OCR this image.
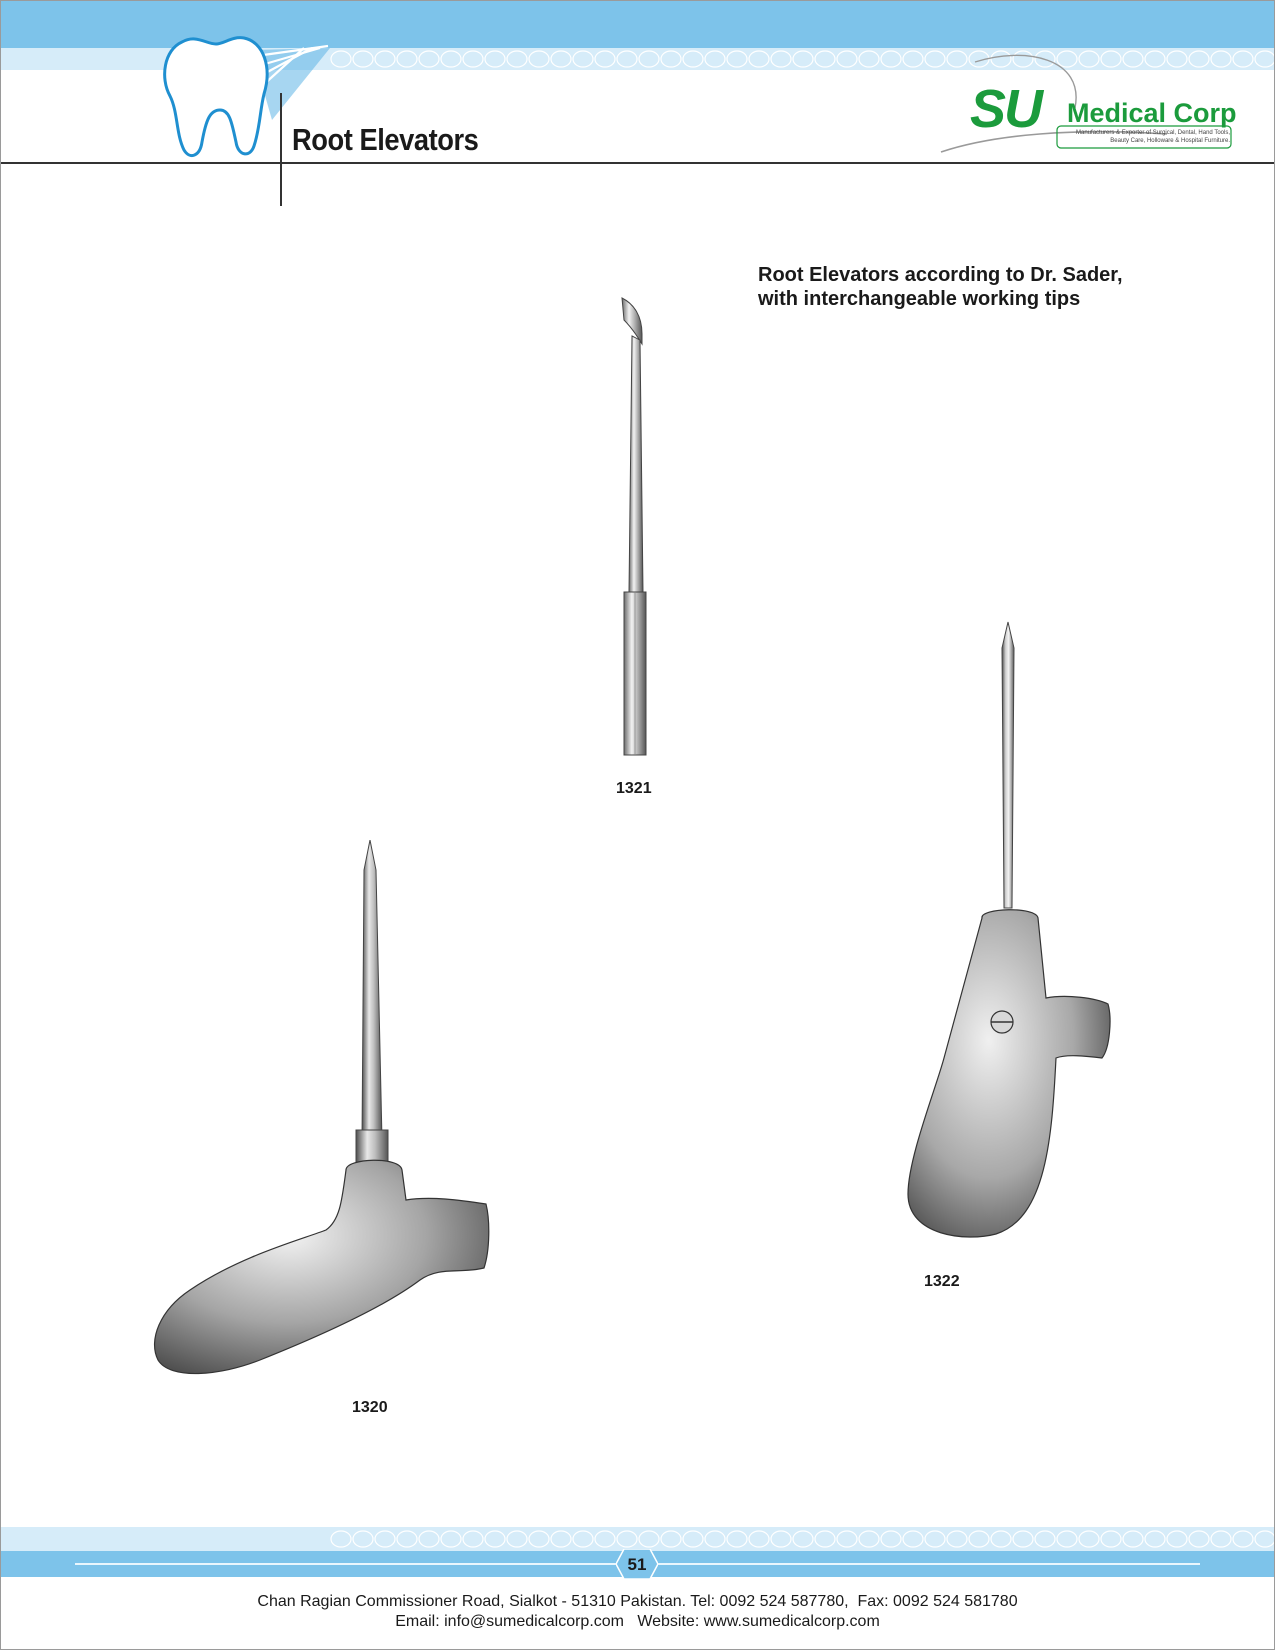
Root Elevators
SU Medical Corp
Manufacturers & Exporter of Surgical, Dental, Hand Tools,
Beauty Care, Holloware & Hospital Furniture.
Root Elevators according to Dr. Sader,
with interchangeable working tips
1321
1322
1320
51
Chan Ragian Commissioner Road, Sialkot - 51310 Pakistan. Tel: 0092 524 587780,  Fax: 0092 524 581780
Email: info@sumedicalcorp.com   Website: www.sumedicalcorp.com
